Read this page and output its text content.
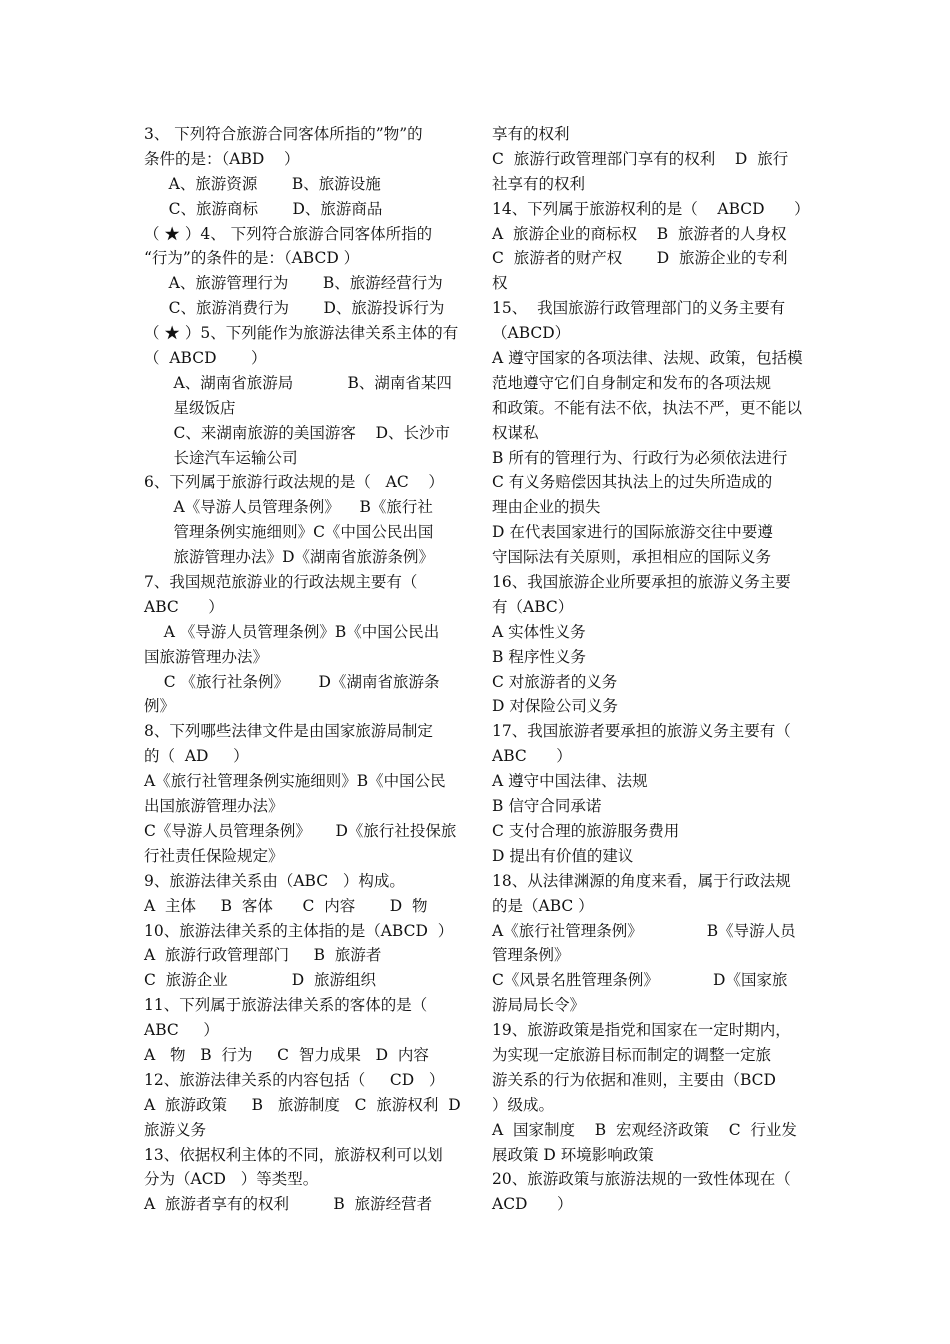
3、 下列符合旅游合同客体所指的”物”的
条件的是：（ABD    ）
A、旅游资源       B、旅游设施
C、旅游商标       D、旅游商品
（ ★ ）4、 下列符合旅游合同客体所指的
“行为”的条件的是：（ABCD ）
A、旅游管理行为       B、旅游经营行为
C、旅游消费行为       D、旅游投诉行为
（ ★ ）5、下列能作为旅游法律关系主体的有
（  ABCD       ）
A、湖南省旅游局           B、湖南省某四
星级饭店
C、来湖南旅游的美国游客    D、长沙市
长途汽车运输公司
6、下列属于旅游行政法规的是（   AC    ）
A《导游人员管理条例》    B《旅行社
管理条例实施细则》C《中国公民出国
旅游管理办法》D《湖南省旅游条例》
7、我国规范旅游业的行政法规主要有（
ABC      ）
A 《导游人员管理条例》B《中国公民出
国旅游管理办法》
C 《旅行社条例》      D《湖南省旅游条
例》
8、下列哪些法律文件是由国家旅游局制定
的（  AD     ）
A《旅行社管理条例实施细则》B《中国公民
出国旅游管理办法》
C《导游人员管理条例》     D《旅行社投保旅
行社责任保险规定》
9、旅游法律关系由（ABC   ）构成。
A  主体     B  客体      C  内容       D  物
10、旅游法律关系的主体指的是（ABCD  ）
A  旅游行政管理部门     B  旅游者
C  旅游企业             D  旅游组织
11、下列属于旅游法律关系的客体的是（
ABC     ）
A   物   B  行为     C  智力成果   D  内容
12、旅游法律关系的内容包括（     CD   ）
A  旅游政策     B   旅游制度   C  旅游权利  D
旅游义务
13、依据权利主体的不同，旅游权利可以划
分为（ACD   ）等类型。
A  旅游者享有的权利         B  旅游经营者
享有的权利
C  旅游行政管理部门享有的权利    D  旅行
社享有的权利
14、下列属于旅游权利的是（    ABCD      ）
A  旅游企业的商标权    B  旅游者的人身权
C  旅游者的财产权       D  旅游企业的专利
权
15、  我国旅游行政管理部门的义务主要有
（ABCD）
A 遵守国家的各项法律、法规、政策，包括模
范地遵守它们自身制定和发布的各项法规
和政策。不能有法不依，执法不严，更不能以
权谋私
B 所有的管理行为、行政行为必须依法进行
C 有义务赔偿因其执法上的过失所造成的
理由企业的损失
D 在代表国家进行的国际旅游交往中要遵
守国际法有关原则，承担相应的国际义务
16、我国旅游企业所要承担的旅游义务主要
有（ABC）
A 实体性义务
B 程序性义务
C 对旅游者的义务
D 对保险公司义务
17、我国旅游者要承担的旅游义务主要有（
ABC      ）
A 遵守中国法律、法规
B 信守合同承诺
C 支付合理的旅游服务费用
D 提出有价值的建议
18、从法律渊源的角度来看，属于行政法规
的是（ABC ）
A《旅行社管理条例》             B《导游人员
管理条例》
C《风景名胜管理条例》           D《国家旅
游局局长令》
19、旅游政策是指党和国家在一定时期内，
为实现一定旅游目标而制定的调整一定旅
游关系的行为依据和准则，主要由（BCD
）级成。
A  国家制度    B  宏观经济政策    C  行业发
展政策 D 环境影响政策
20、旅游政策与旅游法规的一致性体现在（
ACD      ）
